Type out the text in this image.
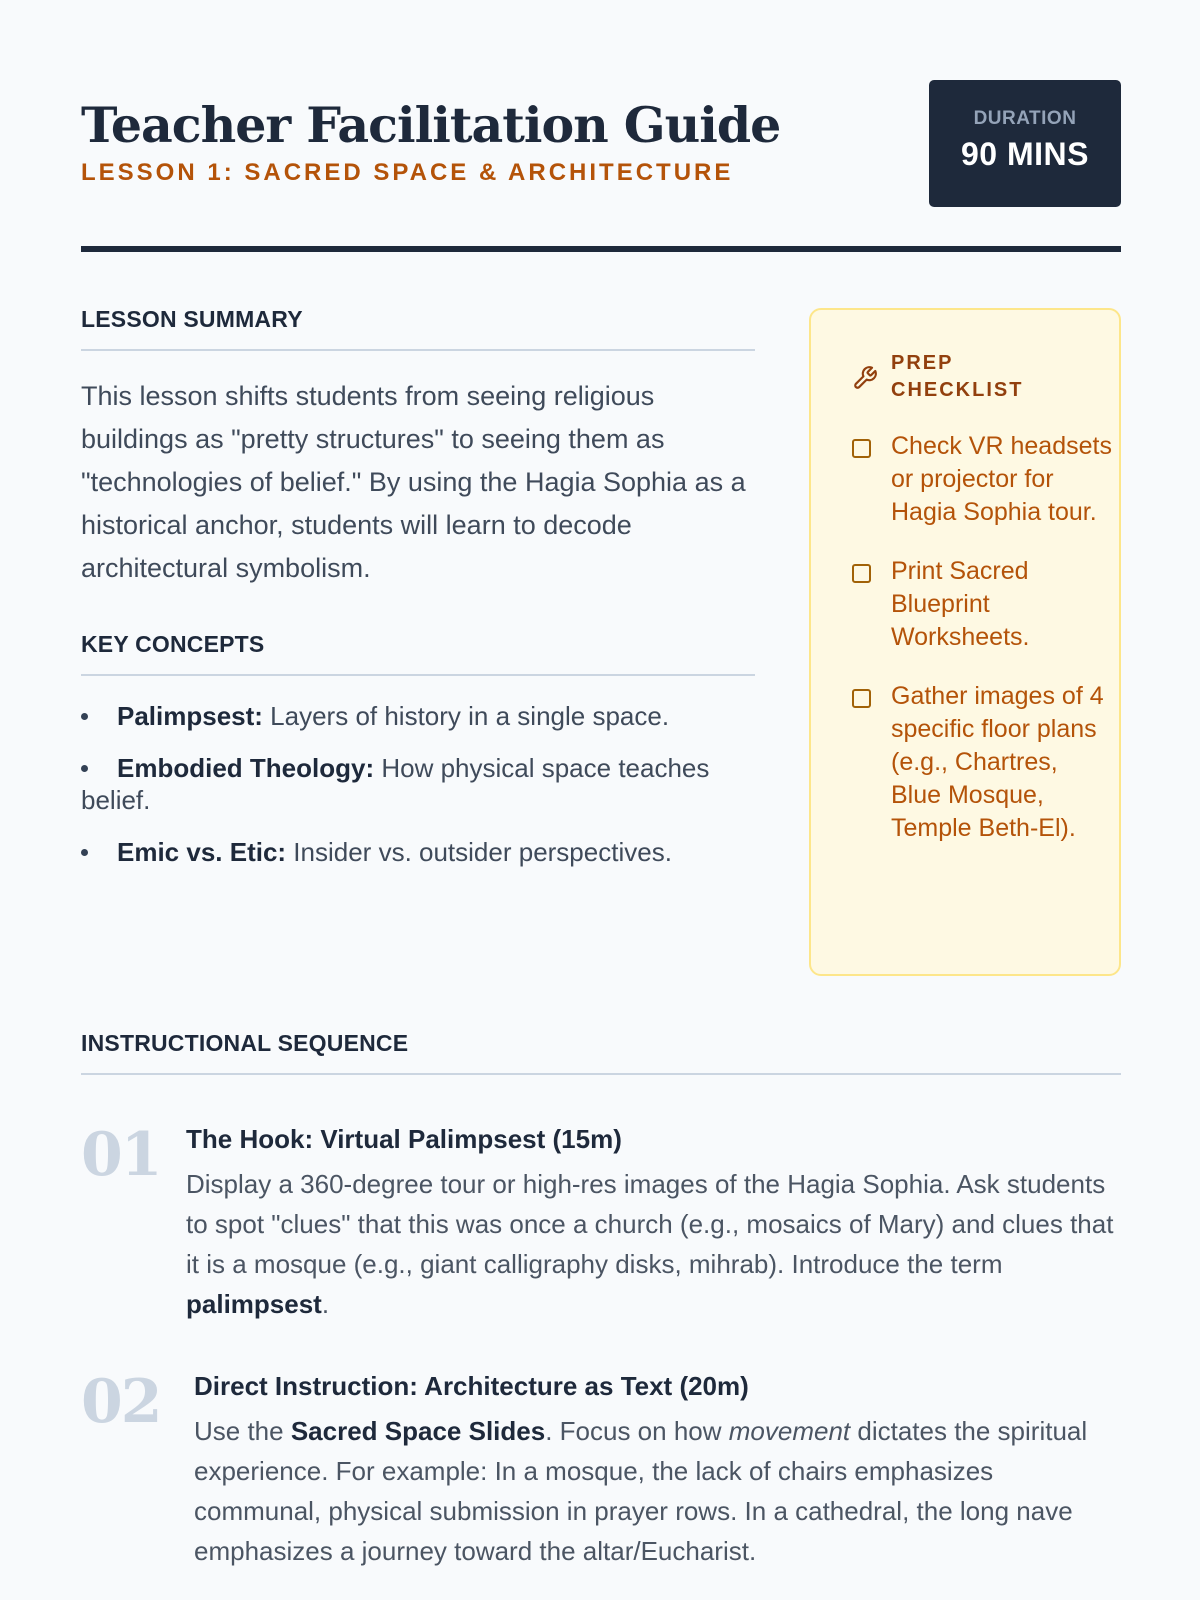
Teacher Facilitation Guide
LESSON 1: SACRED SPACE & ARCHITECTURE
DURATION
90 MINS
LESSON SUMMARY

This lesson shifts students from seeing religious buildings as "pretty structures" to seeing them as "technologies of belief." By using the Hagia Sophia as a historical anchor, students will learn to decode architectural symbolism.

KEY CONCEPTS
Palimpsest: Layers of history in a single space.
Embodied Theology: How physical space teaches
belief.
Emic vs. Etic: Insider vs. outsider perspectives.
PREP CHECKLIST
Check VR headsets or projector for Hagia Sophia tour.
Print Sacred Blueprint Worksheets.
Gather images of 4 specific floor plans (e.g., Chartres, Blue Mosque, Temple Beth-El).
INSTRUCTIONAL SEQUENCE
01 The Hook: Virtual Palimpsest (15m)

Display a 360-degree tour or high-res images of the Hagia Sophia. Ask students to spot "clues" that this was once a church (e.g., mosaics of Mary) and clues that it is a mosque (e.g., giant calligraphy disks, mihrab). Introduce the term palimpsest.

02 Direct Instruction: Architecture as Text (20m)

Use the Sacred Space Slides. Focus on how movement dictates the spiritual experience. For example: In a mosque, the lack of chairs emphasizes communal, physical submission in prayer rows. In a cathedral, the long nave emphasizes a journey toward the altar/Eucharist.
